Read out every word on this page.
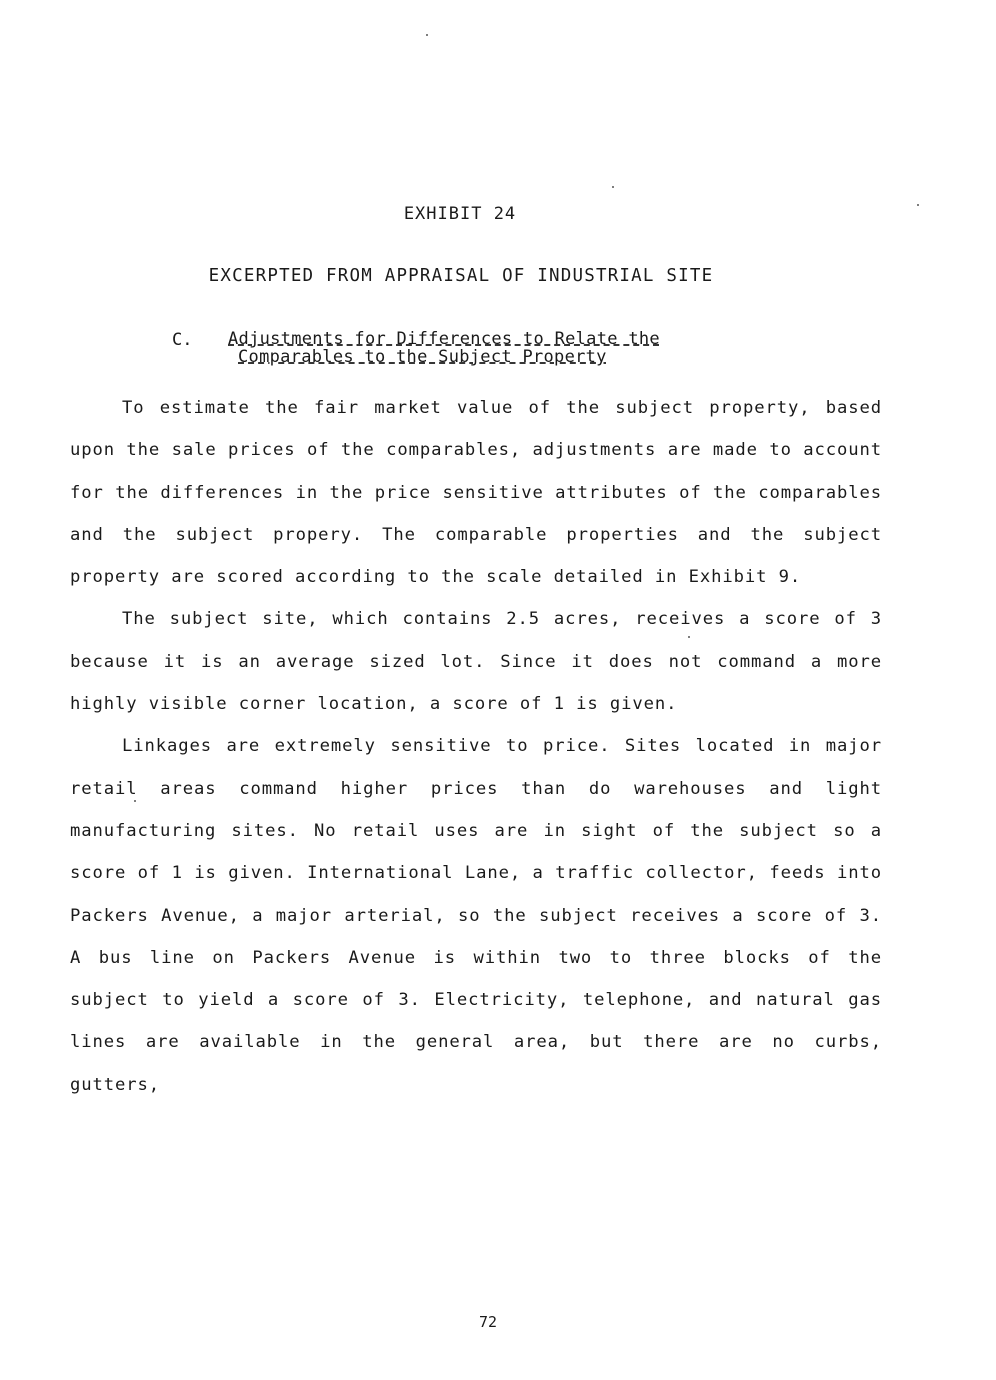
EXHIBIT 24
EXCERPTED FROM APPRAISAL OF INDUSTRIAL SITE
C. Adjustments for Differences to Relate the
Comparables to the Subject Property

To estimate the fair market value of the subject property, based upon the sale prices of the comparables, adjustments are made to account for the differences in the price sensitive attributes of the comparables and the subject propery. The comparable properties and the subject property are scored according to the scale detailed in Exhibit 9.

The subject site, which contains 2.5 acres, receives a score of 3 because it is an average sized lot. Since it does not command a more highly visible corner location, a score of 1 is given.

Linkages are extremely sensitive to price. Sites located in major retail areas command higher prices than do warehouses and light manufacturing sites. No retail uses are in sight of the subject so a score of 1 is given. International Lane, a traffic collector, feeds into Packers Avenue, a major arterial, so the subject receives a score of 3. A bus line on Packers Avenue is within two to three blocks of the subject to yield a score of 3. Electricity, telephone, and natural gas lines are available in the general area, but there are no curbs, gutters,

72
